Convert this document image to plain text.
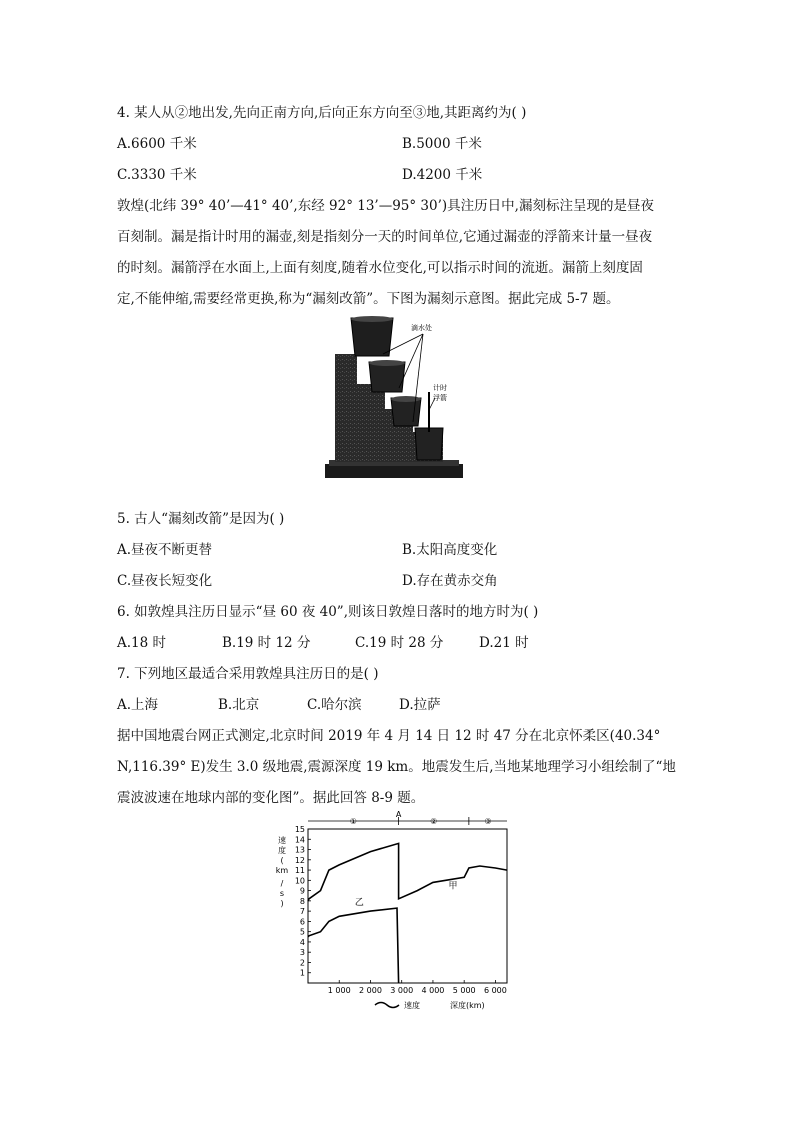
4. 某人从②地出发,先向正南方向,后向正东方向至③地,其距离约为( )
A.6600 千米	B.5000 千米
C.3330 千米	D.4200 千米
敦煌(北纬 39° 40’—41° 40’,东经 92° 13’—95° 30’)具注历日中,漏刻标注呈现的是昼夜
百刻制。漏是指计时用的漏壶,刻是指刻分一天的时间单位,它通过漏壶的浮箭来计量一昼夜
的时刻。漏箭浮在水面上,上面有刻度,随着水位变化,可以指示时间的流逝。漏箭上刻度固
定,不能伸缩,需要经常更换,称为“漏刻改箭”。下图为漏刻示意图。据此完成 5-7 题。
滴水处
计时
浮箭
5. 古人“漏刻改箭”是因为( )
A.昼夜不断更替	B.太阳高度变化
C.昼夜长短变化	D.存在黄赤交角
6. 如敦煌具注历日显示“昼 60 夜 40”,则该日敦煌日落时的地方时为( )
A.18 时	B.19 时 12 分	C.19 时 28 分	D.21 时
7. 下列地区最适合采用敦煌具注历日的是( )
A.上海	B.北京	C.哈尔滨	D.拉萨
据中国地震台网正式测定,北京时间 2019 年 4 月 14 日 12 时 47 分在北京怀柔区(40.34°
N,116.39° E)发生 3.0 级地震,震源深度 19 km。地震发生后,当地某地理学习小组绘制了“地
震波波速在地球内部的变化图”。据此回答 8-9 题。
1
2
3
4
5
6
7
8
9
10
11
12
13
14
15
1 000 2 000 3 000 4 000 5 000 6 000
速
度
(
km
/
s
)
①
A
②	③
甲
乙
速度	深度(km)
